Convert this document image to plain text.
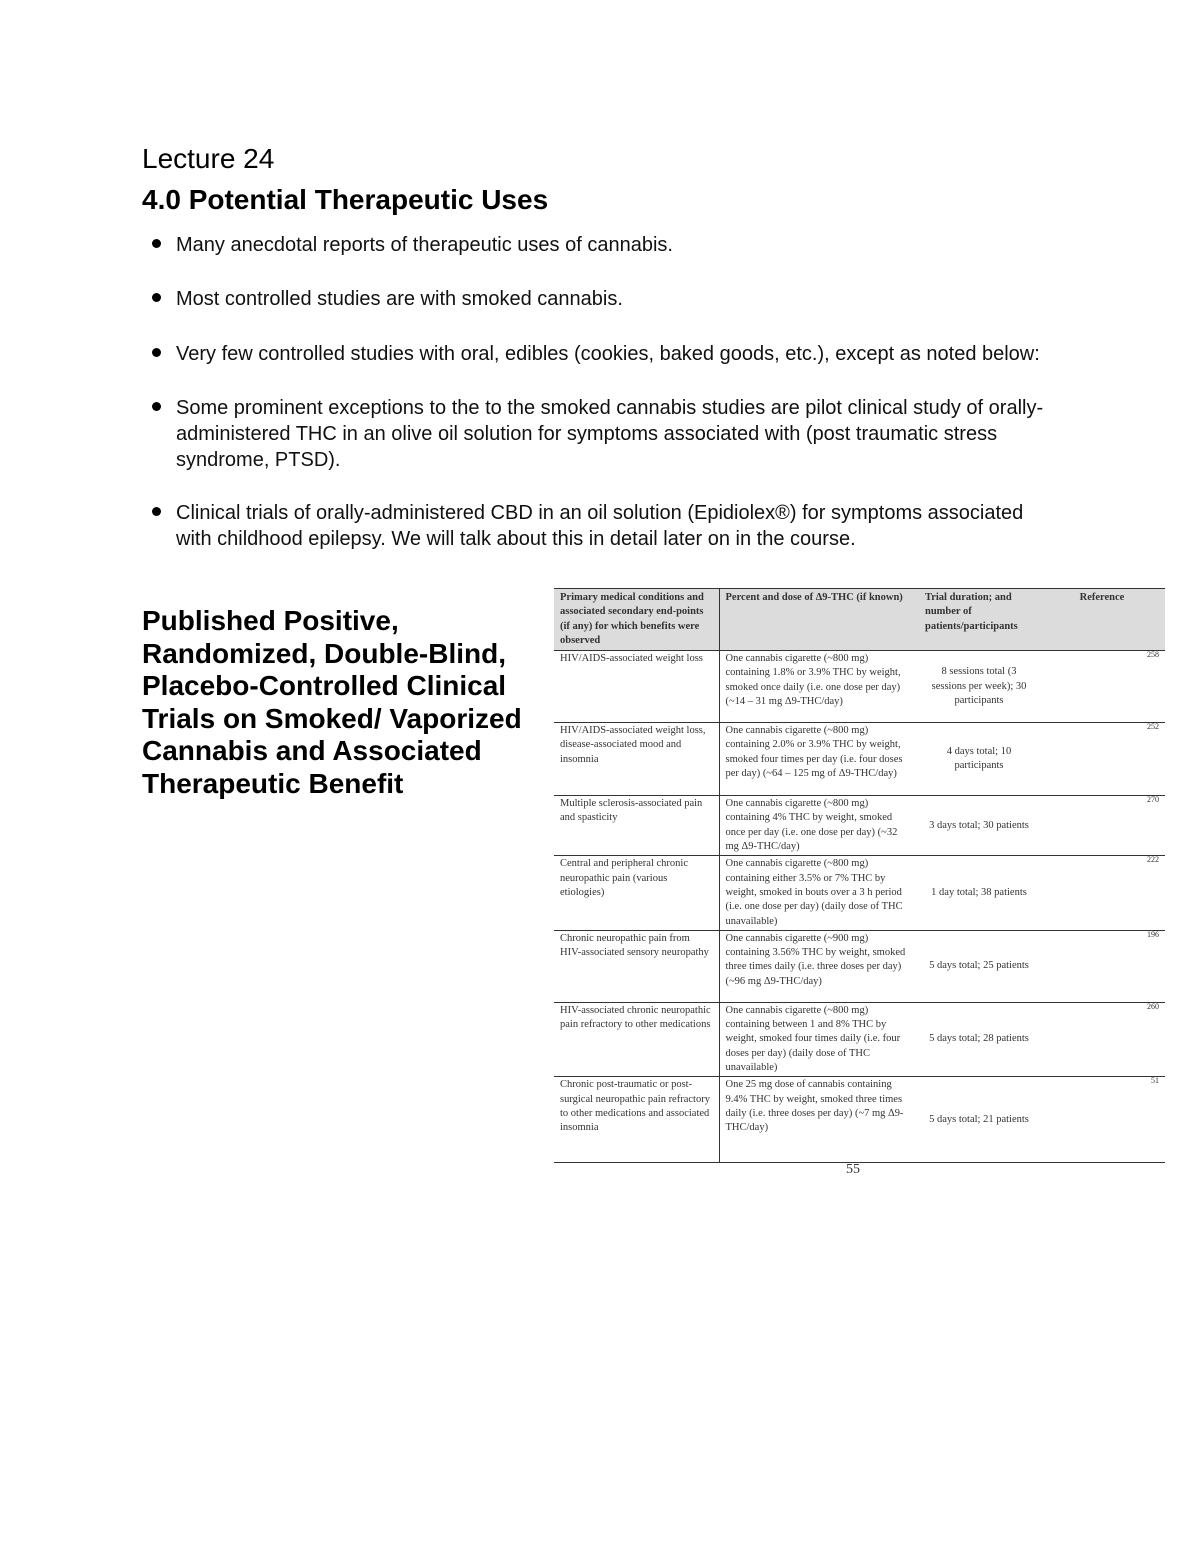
Lecture 24
4.0 Potential Therapeutic Uses
Many anecdotal reports of therapeutic uses of cannabis.
Most controlled studies are with smoked cannabis.
Very few controlled studies with oral, edibles (cookies, baked goods, etc.), except as noted below:
Some prominent exceptions to the to the smoked cannabis studies are pilot clinical study of orally-administered THC in an olive oil solution for symptoms associated with (post traumatic stress syndrome, PTSD).
Clinical trials of orally-administered CBD in an oil solution (Epidiolex®) for symptoms associated with childhood epilepsy. We will talk about this in detail later on in the course.
Published Positive, Randomized, Double-Blind, Placebo-Controlled Clinical Trials on Smoked/ Vaporized Cannabis and Associated Therapeutic Benefit
Primary medical conditions and associated secondary end-points (if any) for which benefits were observed	Percent and dose of Δ9-THC (if known)	Trial duration; and number of patients/participants	Reference
HIV/AIDS-associated weight loss	One cannabis cigarette (~800 mg) containing 1.8% or 3.9% THC by weight, smoked once daily (i.e. one dose per day) (~14 – 31 mg Δ9-THC/day)	8 sessions total (3 sessions per week); 30 participants	258
HIV/AIDS-associated weight loss, disease-associated mood and insomnia	One cannabis cigarette (~800 mg) containing 2.0% or 3.9% THC by weight, smoked four times per day (i.e. four doses per day) (~64 – 125 mg of Δ9-THC/day)	4 days total; 10 participants	252
Multiple sclerosis-associated pain and spasticity	One cannabis cigarette (~800 mg) containing 4% THC by weight, smoked once per day (i.e. one dose per day) (~32 mg Δ9-THC/day)	3 days total; 30 patients	270
Central and peripheral chronic neuropathic pain (various etiologies)	One cannabis cigarette (~800 mg) containing either 3.5% or 7% THC by weight, smoked in bouts over a 3 h period (i.e. one dose per day) (daily dose of THC unavailable)	1 day total; 38 patients	222
Chronic neuropathic pain from HIV-associated sensory neuropathy	One cannabis cigarette (~900 mg) containing 3.56% THC by weight, smoked three times daily (i.e. three doses per day) (~96 mg Δ9-THC/day)	5 days total; 25 patients	196
HIV-associated chronic neuropathic pain refractory to other medications	One cannabis cigarette (~800 mg) containing between 1 and 8% THC by weight, smoked four times daily (i.e. four doses per day) (daily dose of THC unavailable)	5 days total; 28 patients	260
Chronic post-traumatic or post-surgical neuropathic pain refractory to other medications and associated insomnia	One 25 mg dose of cannabis containing 9.4% THC by weight, smoked three times daily (i.e. three doses per day) (~7 mg Δ9-THC/day)	5 days total; 21 patients	51
55
